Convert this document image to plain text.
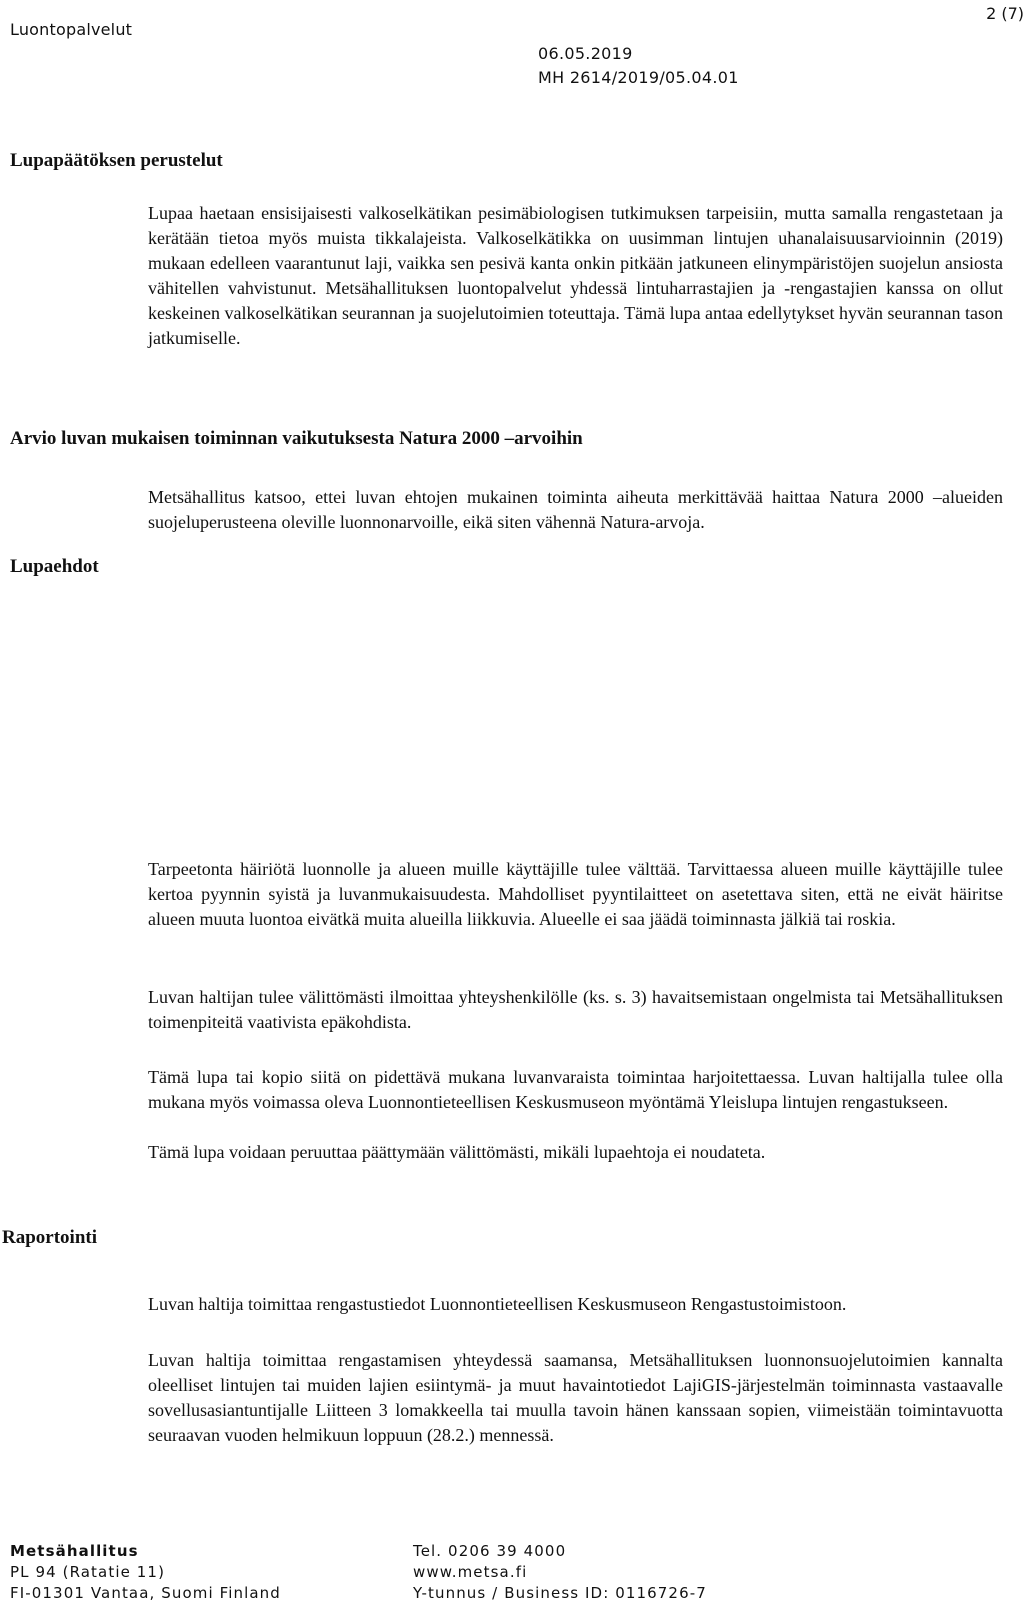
Luontopalvelut
2 (7)
06.05.2019
MH 2614/2019/05.04.01
Lupapäätöksen perustelut
Lupaa haetaan ensisijaisesti valkoselkätikan pesimäbiologisen tutkimuksen tarpeisiin, mutta samalla rengastetaan ja kerätään tietoa myös muista tikkalajeista. Valkoselkätikka on uusimman lintujen uhanalaisuusarvioinnin (2019) mukaan edelleen vaarantunut laji, vaikka sen pesivä kanta onkin pitkään jatkuneen elinympäristöjen suojelun ansiosta vähitellen vahvistunut. Metsähallituksen luontopalvelut yhdessä lintuharrastajien ja -rengastajien kanssa on ollut keskeinen valkoselkätikan seurannan ja suojelutoimien toteuttaja. Tämä lupa antaa edellytykset hyvän seurannan tason jatkumiselle.
Arvio luvan mukaisen toiminnan vaikutuksesta Natura 2000 –arvoihin
Metsähallitus katsoo, ettei luvan ehtojen mukainen toiminta aiheuta merkittävää haittaa Natura 2000 –alueiden suojeluperusteena oleville luonnonarvoille, eikä siten vähennä Natura-arvoja.
Lupaehdot
Tarpeetonta häiriötä luonnolle ja alueen muille käyttäjille tulee välttää. Tarvittaessa alueen muille käyttäjille tulee kertoa pyynnin syistä ja luvanmukaisuudesta. Mahdolliset pyyntilaitteet on asetettava siten, että ne eivät häiritse alueen muuta luontoa eivätkä muita alueilla liikkuvia. Alueelle ei saa jäädä toiminnasta jälkiä tai roskia.
Luvan haltijan tulee välittömästi ilmoittaa yhteyshenkilölle (ks. s. 3) havaitsemistaan ongelmista tai Metsähallituksen toimenpiteitä vaativista epäkohdista.
Tämä lupa tai kopio siitä on pidettävä mukana luvanvaraista toimintaa harjoitettaessa. Luvan haltijalla tulee olla mukana myös voimassa oleva Luonnontieteellisen Keskusmuseon myöntämä Yleislupa lintujen rengastukseen.
Tämä lupa voidaan peruuttaa päättymään välittömästi, mikäli lupaehtoja ei noudateta.
Raportointi
Luvan haltija toimittaa rengastustiedot Luonnontieteellisen Keskusmuseon Rengastustoimistoon.
Luvan haltija toimittaa rengastamisen yhteydessä saamansa, Metsähallituksen luonnonsuojelutoimien kannalta oleelliset lintujen tai muiden lajien esiintymä- ja muut havaintotiedot LajiGIS-järjestelmän toiminnasta vastaavalle sovellusasiantuntijalle Liitteen 3 lomakkeella tai muulla tavoin hänen kanssaan sopien, viimeistään toimintavuotta seuraavan vuoden helmikuun loppuun (28.2.) mennessä.
Metsähallitus
PL 94 (Ratatie 11)
FI-01301 Vantaa, Suomi Finland
Tel. 0206 39 4000
www.metsa.fi
Y-tunnus / Business ID: 0116726-7
